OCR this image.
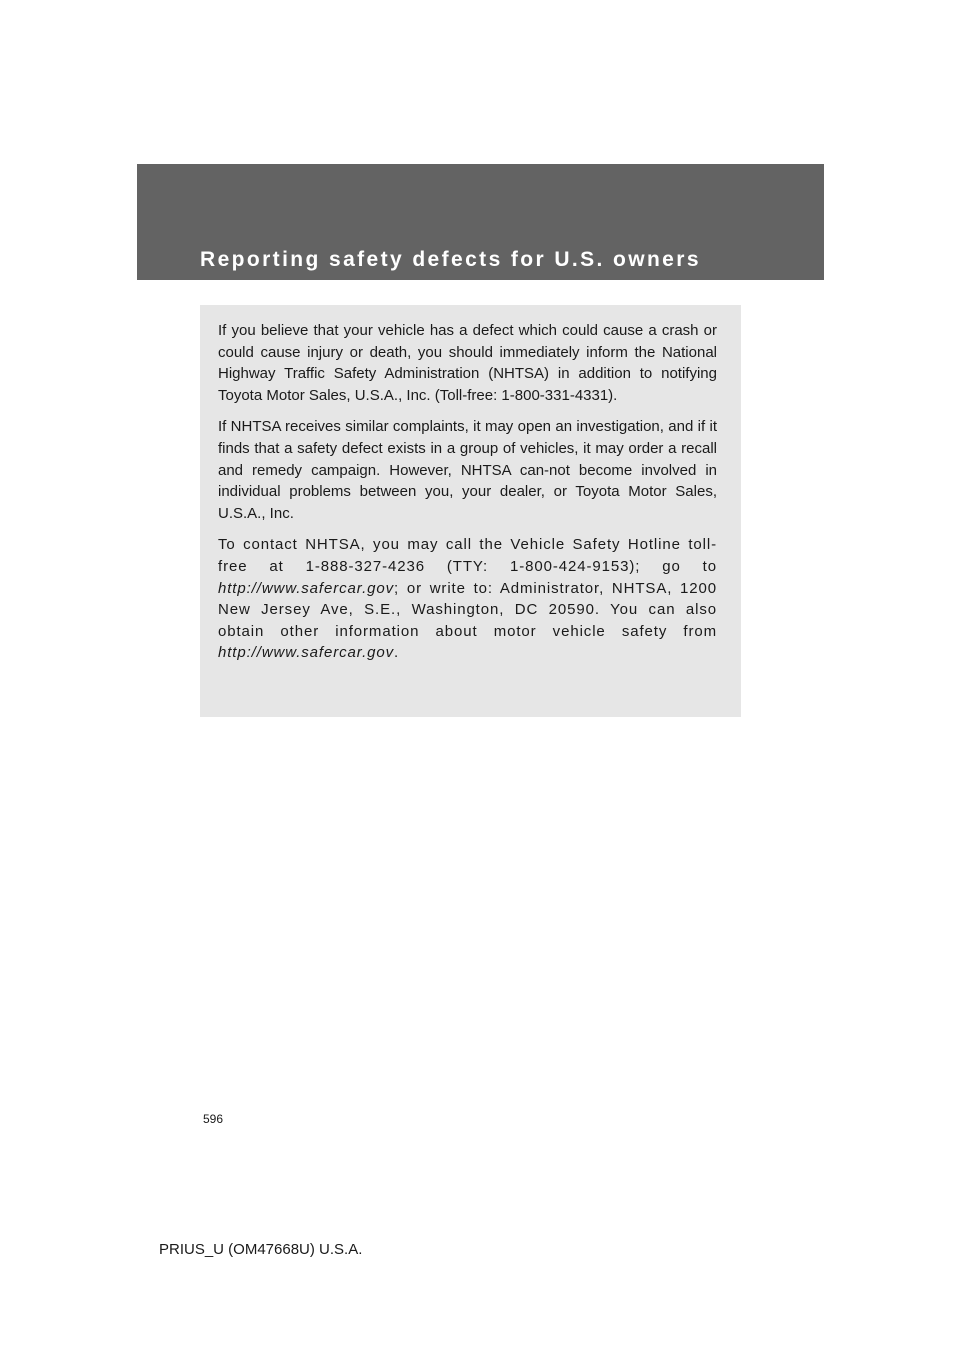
Reporting safety defects for U.S. owners

If you believe that your vehicle has a defect which could cause a crash or could cause injury or death, you should immediately inform the National Highway Traffic Safety Administration (NHTSA) in addition to notifying Toyota Motor Sales, U.S.A., Inc. (Toll-free: 1-800-331-4331).

If NHTSA receives similar complaints, it may open an investigation, and if it finds that a safety defect exists in a group of vehicles, it may order a recall and remedy campaign. However, NHTSA can-not become involved in individual problems between you, your dealer, or Toyota Motor Sales, U.S.A., Inc.

To contact NHTSA, you may call the Vehicle Safety Hotline toll-free at 1-888-327-4236 (TTY: 1-800-424-9153); go to http://www.safercar.gov; or write to: Administrator, NHTSA, 1200 New Jersey Ave, S.E., Washington, DC 20590. You can also obtain other information about motor vehicle safety from http://www.safercar.gov.

596
PRIUS_U (OM47668U) U.S.A.
